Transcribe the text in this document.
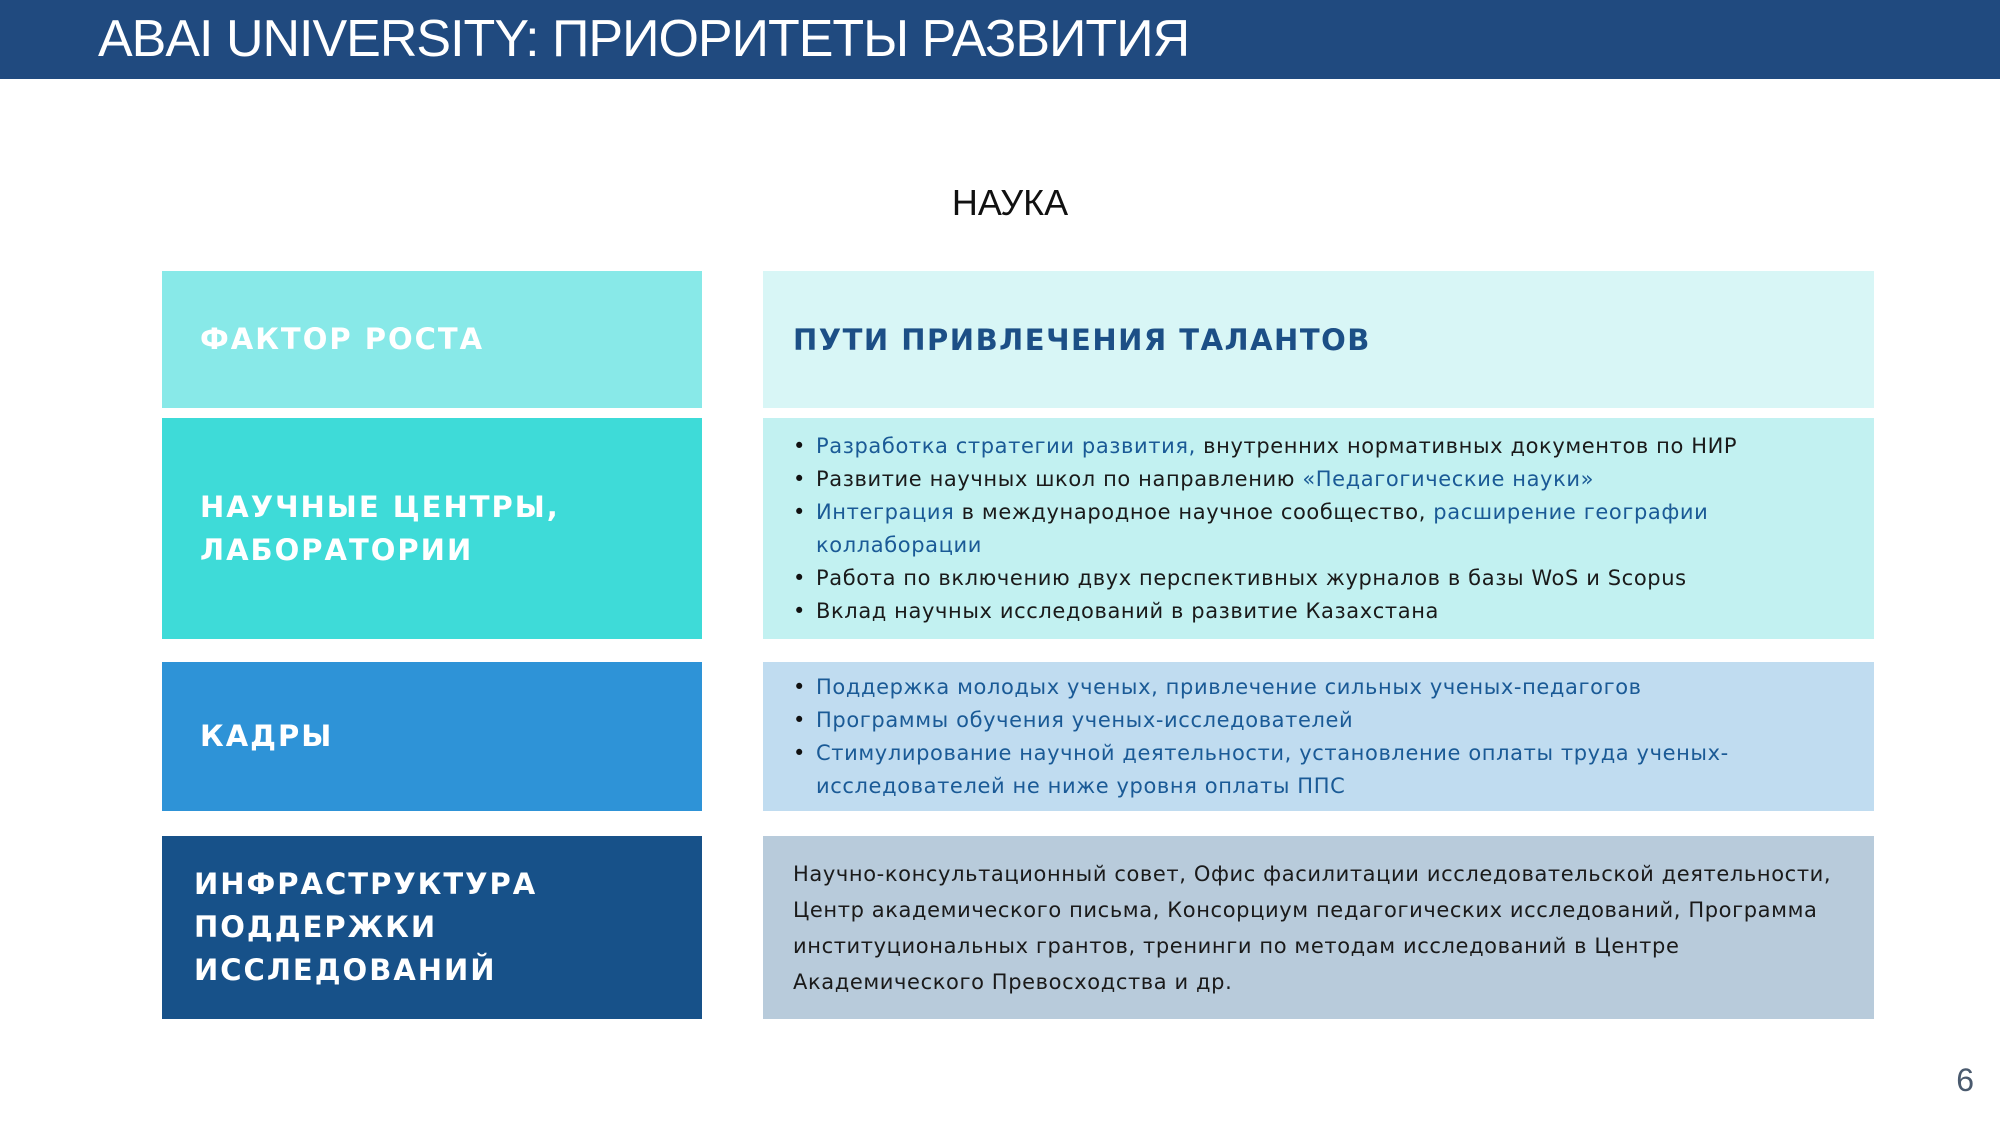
ABAI UNIVERSITY: ПРИОРИТЕТЫ РАЗВИТИЯ
НАУКА
ФАКТОР РОСТА	ПУТИ ПРИВЛЕЧЕНИЯ ТАЛАНТОВ
НАУЧНЫЕ ЦЕНТРЫ, ЛАБОРАТОРИИ
• Разработка стратегии развития, внутренних нормативных документов по НИР
• Развитие научных школ по направлению «Педагогические науки»
• Интеграция в международное научное сообщество, расширение географии коллаборации
• Работа по включению двух перспективных журналов в базы WoS и Scopus
• Вклад научных исследований в развитие Казахстана
КАДРЫ
• Поддержка молодых ученых, привлечение сильных ученых-педагогов
• Программы обучения ученых-исследователей
• Стимулирование научной деятельности, установление оплаты труда ученых-исследователей не ниже уровня оплаты ППС
ИНФРАСТРУКТУРА ПОДДЕРЖКИ ИССЛЕДОВАНИЙ
Научно-консультационный совет, Офис фасилитации исследовательской деятельности, Центр академического письма, Консорциум педагогических исследований, Программа институциональных грантов, тренинги по методам исследований в Центре Академического Превосходства и др.
6
